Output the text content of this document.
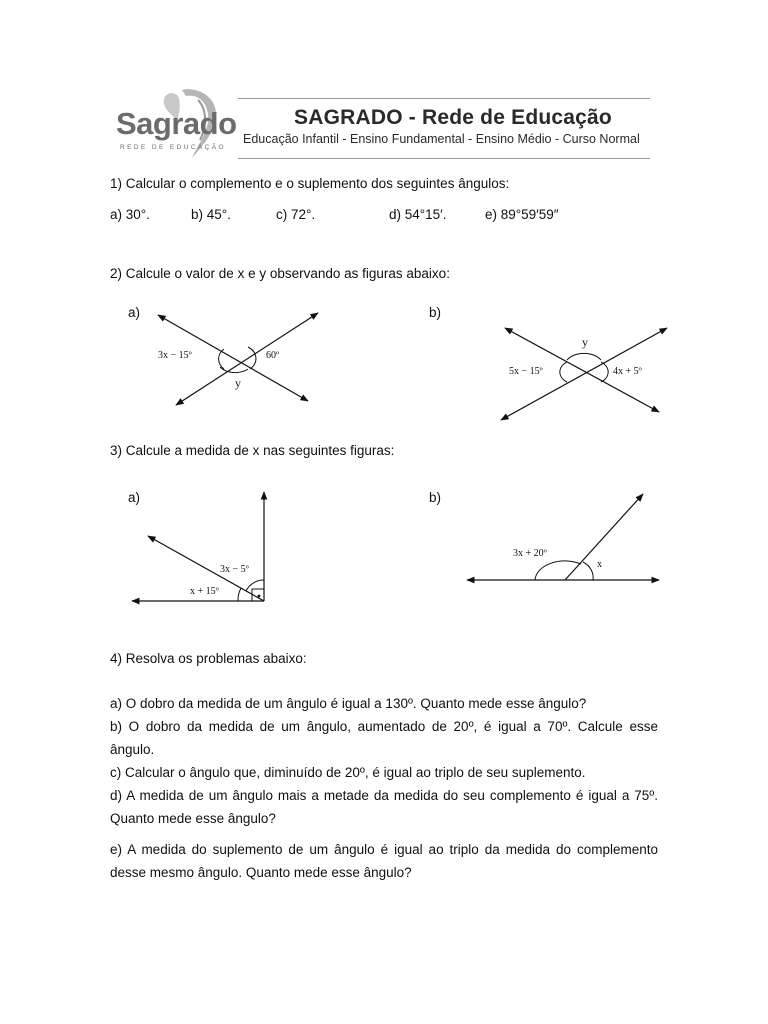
Sagrado
REDE DE EDUCAÇÃO
SAGRADO - Rede de Educação
Educação Infantil - Ensino Fundamental - Ensino Médio - Curso Normal
1) Calcular o complemento e o suplemento dos seguintes ângulos:
a) 30°.	b) 45°.	c) 72°.	d) 54°15′.	e) 89°59′59″
2) Calcule o valor de x e y observando as figuras abaixo:
a)
3x − 15º	60º
y
b)
y
5x − 15º	4x + 5º
3) Calcule a medida de x nas seguintes figuras:
a)
3x − 5º
x + 15º
b)
3x + 20º
x
4) Resolva os problemas abaixo:
a) O dobro da medida de um ângulo é igual a 130º. Quanto mede esse ângulo?
b) O dobro da medida de um ângulo, aumentado de 20º, é igual a 70º. Calcule esse ângulo.
c) Calcular o ângulo que, diminuído de 20º, é igual ao triplo de seu suplemento.
d) A medida de um ângulo mais a metade da medida do seu complemento é igual a 75º. Quanto mede esse ângulo?
e) A medida do suplemento de um ângulo é igual ao triplo da medida do complemento desse mesmo ângulo. Quanto mede esse ângulo?
